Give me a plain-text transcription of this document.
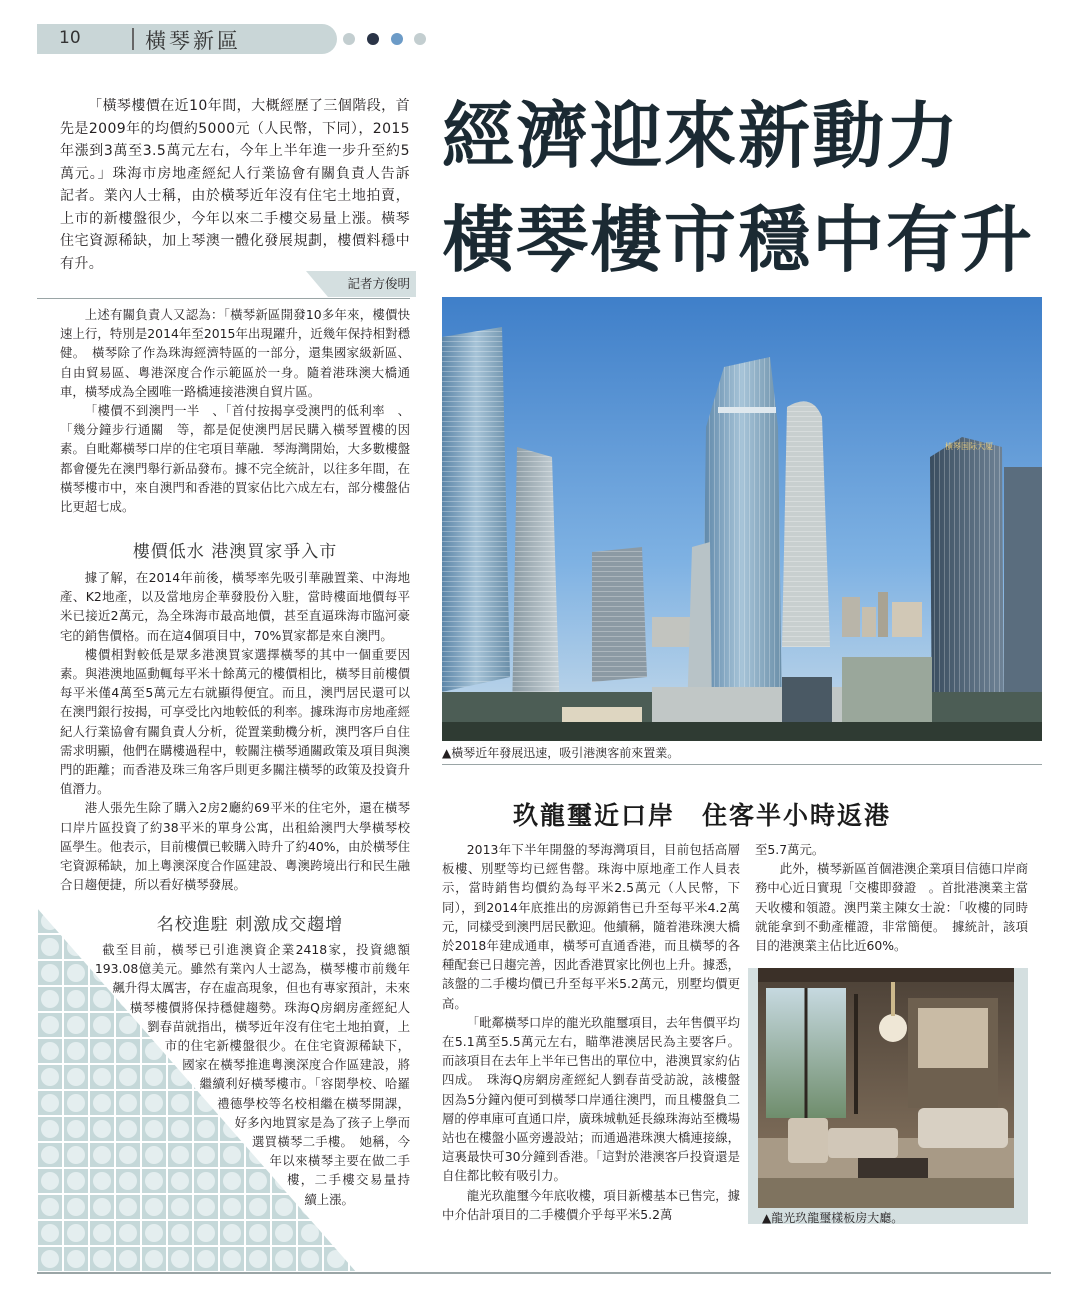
10	橫琴新區
經濟迎來新動力
橫琴樓市穩中有升

「橫琴樓價在近10年間，大概經歷了三個階段，首先是2009年的均價約5000元（人民幣，下同），2015年漲到3萬至3.5萬元左右，今年上半年進一步升至約5萬元。」珠海市房地產經紀人行業協會有關負責人告訴記者。業內人士稱，由於橫琴近年沒有住宅土地拍賣，上市的新樓盤很少，今年以來二手樓交易量上漲。橫琴住宅資源稀缺，加上琴澳一體化發展規劃，樓價料穩中有升。

記者方俊明

上述有關負責人又認為：「橫琴新區開發10多年來，樓價快速上行，特別是2014年至2015年出現躍升，近幾年保持相對穩健。　橫琴除了作為珠海經濟特區的一部分，還集國家級新區、自由貿易區、粵港深度合作示範區於一身。隨着港珠澳大橋通車，橫琴成為全國唯一路橋連接港澳自貿片區。

「樓價不到澳門一半　、「首付按揭享受澳門的低利率　、「幾分鐘步行通關　等，都是促使澳門居民購入橫琴置樓的因素。自毗鄰橫琴口岸的住宅項目華融．琴海灣開始，大多數樓盤都會優先在澳門舉行新品發布。據不完全統計，以往多年間，在橫琴樓市中，來自澳門和香港的買家佔比六成左右，部分樓盤佔比更超七成。

樓價低水 港澳買家爭入市

據了解，在2014年前後，橫琴率先吸引華融置業、中海地產、K2地產，以及當地房企華發股份入駐，當時樓面地價每平米已接近2萬元，為全珠海市最高地價，甚至直逼珠海市臨河豪宅的銷售價格。而在這4個項目中，70%買家都是來自澳門。

樓價相對較低是眾多港澳買家選擇橫琴的其中一個重要因素。與港澳地區動輒每平米十餘萬元的樓價相比，橫琴目前樓價每平米僅4萬至5萬元左右就顯得便宜。而且，澳門居民還可以在澳門銀行按揭，可享受比內地較低的利率。據珠海市房地產經紀人行業協會有關負責人分析，從置業動機分析，澳門客戶自住需求明顯，他們在購樓過程中，較關注橫琴通關政策及項目與澳門的距離；而香港及珠三角客戶則更多關注橫琴的政策及投資升值潛力。

港人張先生除了購入2房2廳約69平米的住宅外，還在橫琴口岸片區投資了約38平米的單身公寓，出租給澳門大學橫琴校區學生。他表示，目前樓價已較購入時升了約40%，由於橫琴住宅資源稀缺，加上粵澳深度合作區建設、粵澳跨境出行和民生融合日趨便捷，所以看好橫琴發展。

名校進駐 刺激成交趨增

截至目前，橫琴已引進澳資企業2418家，投資總額193.08億美元。雖然有業內人士認為，橫琴樓市前幾年飆升得太厲害，存在虛高現象，但也有專家預計，未來橫琴樓價將保持穩健趨勢。珠海Q房網房產經紀人劉春苗就指出，橫琴近年沒有住宅土地拍賣，上市的住宅新樓盤很少。在住宅資源稀缺下，國家在橫琴推進粵澳深度合作區建設，將繼續利好橫琴樓市。「容閎學校、哈羅禮德學校等名校相繼在橫琴開課，好多內地買家是為了孩子上學而選買橫琴二手樓。　她稱，今年以來橫琴主要在做二手樓，二手樓交易量持續上漲。

横琴国际大厦

▲橫琴近年發展迅速，吸引港澳客前來置業。

玖龍璽近口岸　住客半小時返港

2013年下半年開盤的琴海灣項目，目前包括高層板樓、別墅等均已經售罄。珠海中原地產工作人員表示，當時銷售均價約為每平米2.5萬元（人民幣，下同），到2014年底推出的房源銷售已升至每平米4.2萬元，同樣受到澳門居民歡迎。他續稱，隨着港珠澳大橋於2018年建成通車，橫琴可直通香港，而且橫琴的各種配套已日趨完善，因此香港買家比例也上升。據悉，該盤的二手樓均價已升至每平米5.2萬元，別墅均價更高。

「毗鄰橫琴口岸的龍光玖龍璽項目，去年售價平均在5.1萬至5.5萬元左右，瞄準港澳居民為主要客戶。而該項目在去年上半年已售出的單位中，港澳買家約佔四成。　珠海Q房網房產經紀人劉春苗受訪說，該樓盤因為5分鐘內便可到橫琴口岸通往澳門，而且樓盤負二層的停車庫可直通口岸，廣珠城軌延長線珠海站至機場站也在樓盤小區旁邊設站；而通過港珠澳大橋連接線，這裏最快可30分鐘到香港。「這對於港澳客戶投資還是自住都比較有吸引力。

龍光玖龍璽今年底收樓，項目新樓基本已售完，據中介估計項目的二手樓價介乎每平米5.2萬

至5.7萬元。

此外，橫琴新區首個港澳企業項目信德口岸商務中心近日實現「交樓即發證　。首批港澳業主當天收樓和領證。澳門業主陳女士說：「收樓的同時就能拿到不動產權證，非常簡便。　據統計，該項目的港澳業主佔比近60%。

▲龍光玖龍璽樣板房大廳。
